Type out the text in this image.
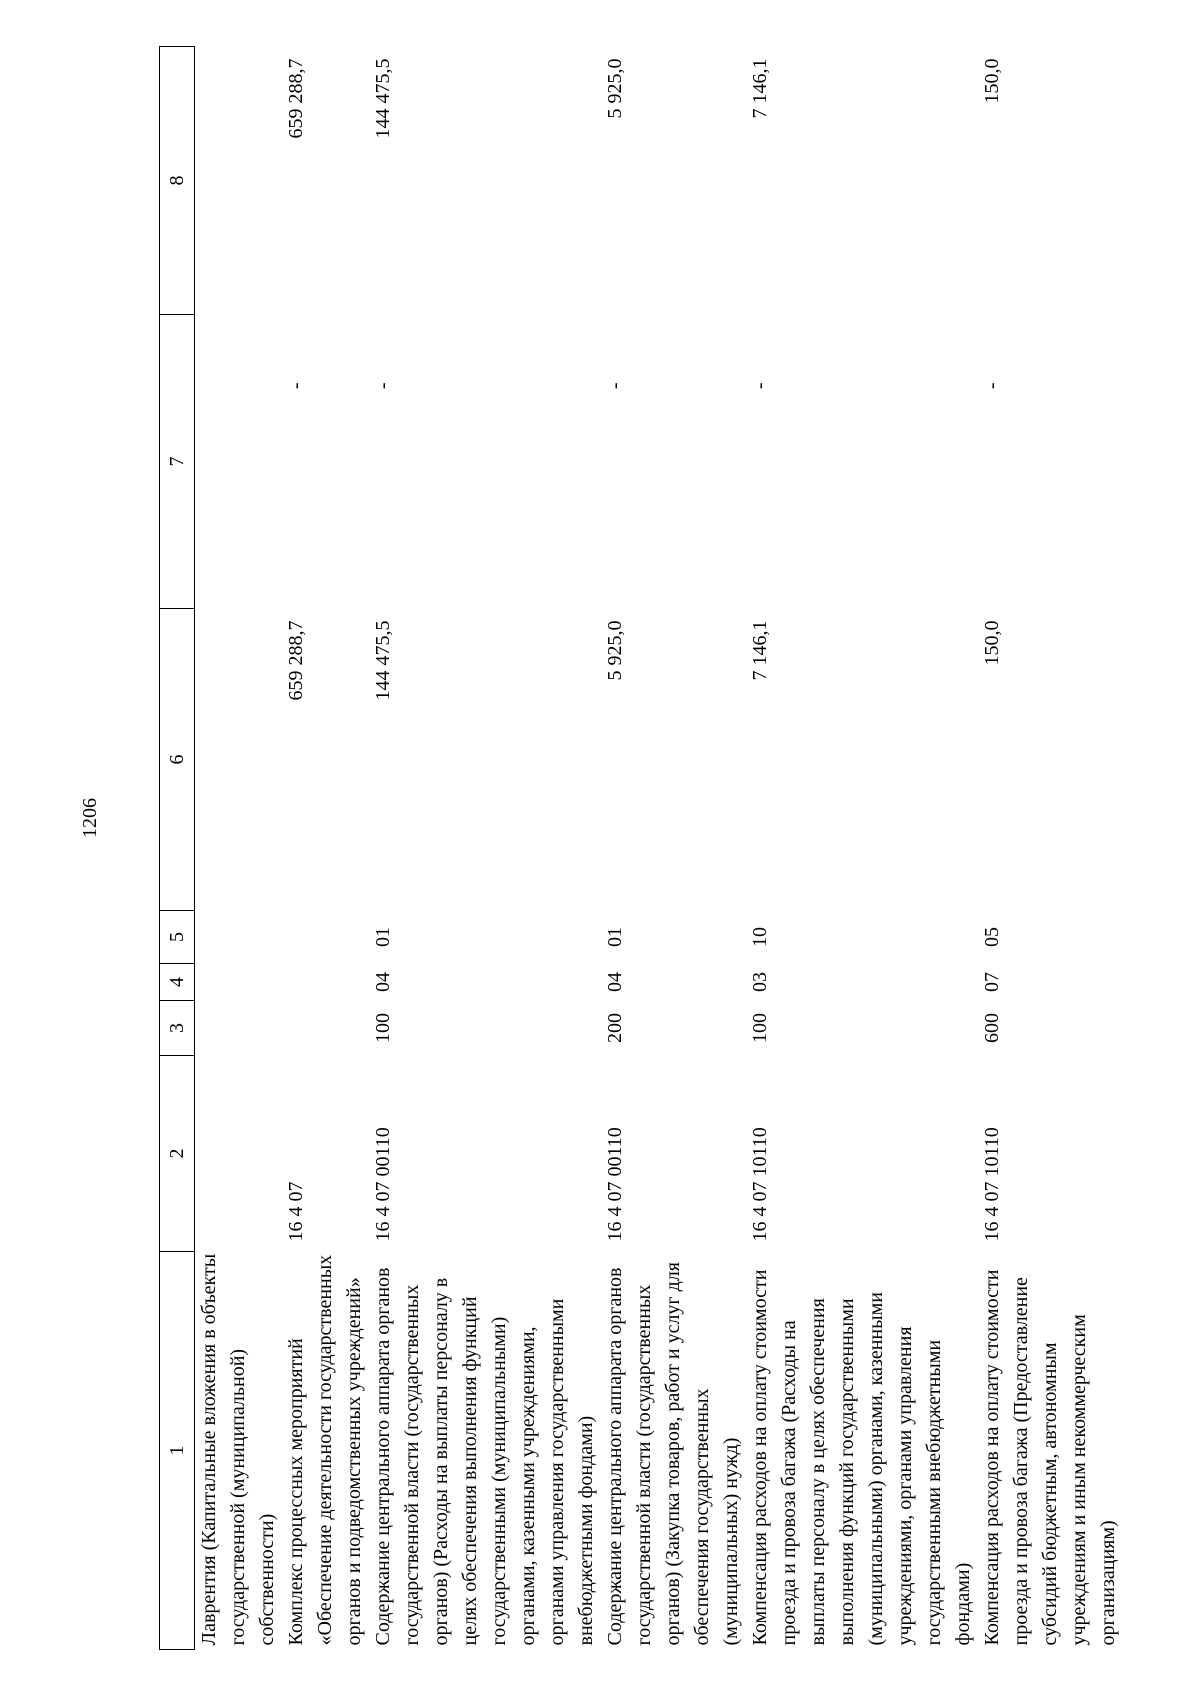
1206
1	2	3	4	5	6	7	8
Лаврентия (Капитальные вложения в объекты государственной (муниципальной) собственности)							
Комплекс процессных мероприятий «Обеспечение деятельности государственных органов и подведомственных учреждений»	16 4 07				659 288,7	-	659 288,7
Содержание центрального аппарата органов государственной власти (государственных органов) (Расходы на выплаты персоналу в целях обеспечения выполнения функций государственными (муниципальными) органами, казенными учреждениями, органами управления государственными внебюджетными фондами)	16 4 07 00110	100	04	01	144 475,5	-	144 475,5
Содержание центрального аппарата органов государственной власти (государственных органов) (Закупка товаров, работ и услуг для обеспечения государственных (муниципальных) нужд)	16 4 07 00110	200	04	01	5 925,0	-	5 925,0
Компенсация расходов на оплату стоимости проезда и провоза багажа (Расходы на выплаты персоналу в целях обеспечения выполнения функций государственными (муниципальными) органами, казенными учреждениями, органами управления государственными внебюджетными фондами)	16 4 07 10110	100	03	10	7 146,1	-	7 146,1
Компенсация расходов на оплату стоимости проезда и провоза багажа (Предоставление субсидий бюджетным, автономным учреждениям и иным некоммерческим организациям)	16 4 07 10110	600	07	05	150,0	-	150,0
